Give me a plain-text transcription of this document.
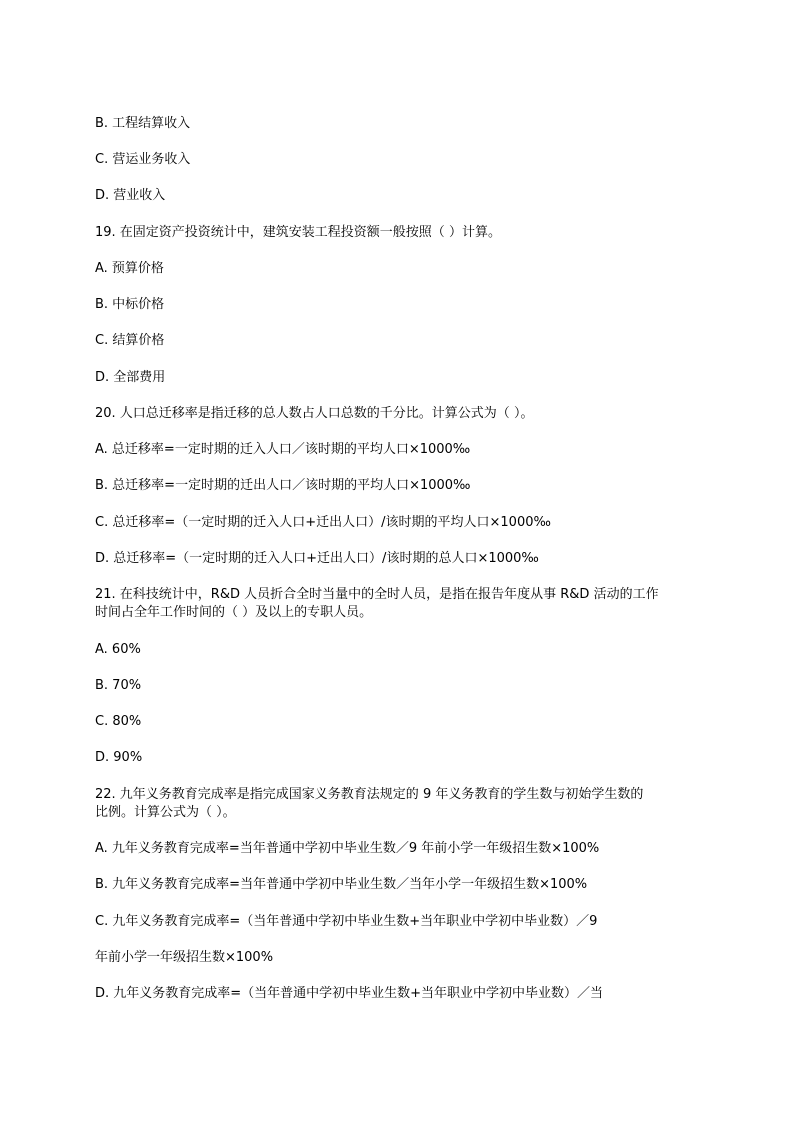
B. 工程结算收入
C. 营运业务收入
D. 营业收入
19. 在固定资产投资统计中，建筑安装工程投资额一般按照（ ）计算。
A. 预算价格
B. 中标价格
C. 结算价格
D. 全部费用
20. 人口总迁移率是指迁移的总人数占人口总数的千分比。计算公式为（ ）。
A. 总迁移率=一定时期的迁入人口／该时期的平均人口×1000‰
B. 总迁移率=一定时期的迁出人口／该时期的平均人口×1000‰
C. 总迁移率=（一定时期的迁入人口+迁出人口）/该时期的平均人口×1000‰
D. 总迁移率=（一定时期的迁入人口+迁出人口）/该时期的总人口×1000‰
21. 在科技统计中，R&D 人员折合全时当量中的全时人员，是指在报告年度从事 R&D 活动的工作
时间占全年工作时间的（ ）及以上的专职人员。
A. 60%
B. 70%
C. 80%
D. 90%
22. 九年义务教育完成率是指完成国家义务教育法规定的 9 年义务教育的学生数与初始学生数的
比例。计算公式为（ ）。
A. 九年义务教育完成率=当年普通中学初中毕业生数／9 年前小学一年级招生数×100%
B. 九年义务教育完成率=当年普通中学初中毕业生数／当年小学一年级招生数×100%
C. 九年义务教育完成率=（当年普通中学初中毕业生数+当年职业中学初中毕业数）／9
年前小学一年级招生数×100%
D. 九年义务教育完成率=（当年普通中学初中毕业生数+当年职业中学初中毕业数）／当
